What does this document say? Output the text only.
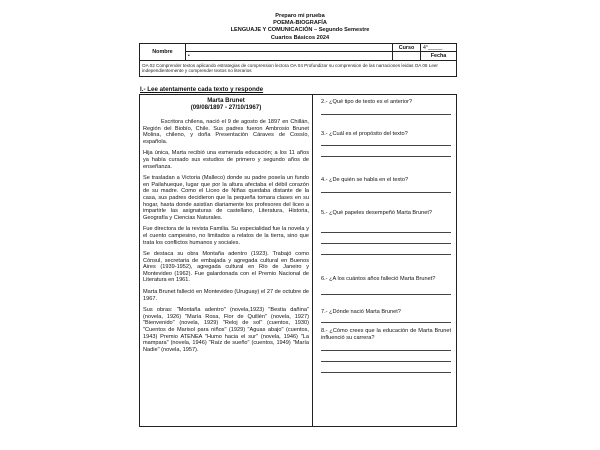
Preparo mi prueba
POEMA-BIOGRAFÍA
LENGUAJE Y COMUNICACIÓN – Segundo Semestre
Cuartos Básicos 2024
Nombre		Curso	4°_____
	•		Fecha
OA 02 Comprender textos aplicando estrategias de comprension lectora OA 04 Profundizar su comprension de las narraciones leidas OA 06 Leer independientemente y comprender textos no literarios			
I.- Lee atentamente cada texto y responde
Marta Brunet
(09/08/1897 - 27/10/1967)

Escritora chilena, nació el 9 de agosto de 1897 en Chillán, Región del Biobío, Chile. Sus padres fueron Ambrosio Brunet Molina, chileno, y doña Presentación Cáraves de Cossío, española.

Hija única, Marta recibió una esmerada educación; a los 11 años ya había cursado sus estudios de primero y segundo años de enseñanza.

Se trasladan a Victoria (Malleco) donde su padre poseía un fundo en Pailahueque, lugar que por la altura afectaba el débil corazón de su madre. Como el Liceo de Niñas quedaba distante de la casa, sus padres decidieron que la pequeña tomara clases en su hogar, hasta donde asistían diariamente los profesores del liceo a impartirle las asignaturas de castellano, Literatura, Historia, Geografía y Ciencias Naturales.

Fue directora de la revista Familia. Su especialidad fue la novela y el cuento campesino, no limitados a relatos de la tierra, sino que trata los conflictos humanos y sociales.

Se destaca su obra Montaña adentro (1923). Trabajó como Cónsul, secretaria de embajada y agregada cultural en Buenos Aires (1939-1952), agregada cultural en Río de Janeiro y Montevideo (1962). Fue galardonada con el Premio Nacional de Literatura en 1961.

Marta Brunet falleció en Montevideo (Uruguay) el 27 de octubre de 1967.

Sus obras: "Montaña adentro" (novela,1923) "Bestia dañina" (novela, 1926) "María Rosa, Flor de Quillén" (novela, 1927) "Bienvenido" (novela, 1929) "Reloj de sol" (cuentos, 1930) "Cuentos de Marisol para niños" (1929) "Aguas abajo" (cuentos, 1943) Premio ATENEA "Humo hacia el sur" (novela, 1946) "La mampara" (novela, 1946) "Raíz de sueño" (cuentos, 1949) "María Nadie" (novela, 1957).

2.- ¿Qué tipo de texto es el anterior?
3.- ¿Cuál es el propósito del texto?
4.- ¿De quién se habla en el texto?
5.- ¿Qué papeles desempeñó Marta Brunet?
6.- ¿A los cuántos años falleció Marta Brunet?
7.- ¿Dónde nació Marta Brunet?
8.- ¿Cómo crees que la educación de Marta Brunet influenció su carrera?
